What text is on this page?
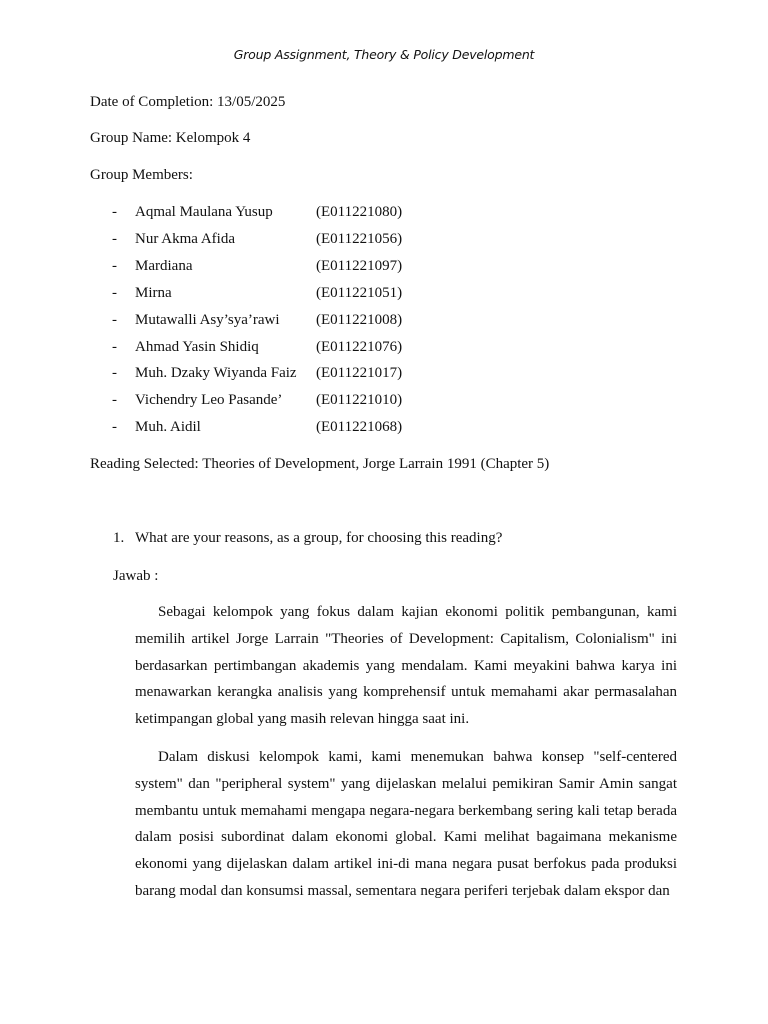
Group Assignment, Theory & Policy Development
Date of Completion: 13/05/2025
Group Name: Kelompok 4
Group Members:
- Aqmal Maulana Yusup	(E011221080)
- Nur Akma Afida	(E011221056)
- Mardiana	(E011221097)
- Mirna	(E011221051)
- Mutawalli Asy’sya’rawi (E011221008)
- Ahmad Yasin Shidiq	(E011221076)
- Muh. Dzaky Wiyanda Faiz (E011221017)
- Vichendry Leo Pasande’ (E011221010)
- Muh. Aidil	(E011221068)
Reading Selected: Theories of Development, Jorge Larrain 1991 (Chapter 5)
1. What are your reasons, as a group, for choosing this reading?
Jawab :

Sebagai kelompok yang fokus dalam kajian ekonomi politik pembangunan, kami memilih artikel Jorge Larrain "Theories of Development: Capitalism, Colonialism" ini berdasarkan pertimbangan akademis yang mendalam. Kami meyakini bahwa karya ini menawarkan kerangka analisis yang komprehensif untuk memahami akar permasalahan ketimpangan global yang masih relevan hingga saat ini.

Dalam diskusi kelompok kami, kami menemukan bahwa konsep "self-centered system" dan "peripheral system" yang dijelaskan melalui pemikiran Samir Amin sangat membantu untuk memahami mengapa negara-negara berkembang sering kali tetap berada dalam posisi subordinat dalam ekonomi global. Kami melihat bagaimana mekanisme ekonomi yang dijelaskan dalam artikel ini-di mana negara pusat berfokus pada produksi barang modal dan konsumsi massal, sementara negara periferi terjebak dalam ekspor dan
